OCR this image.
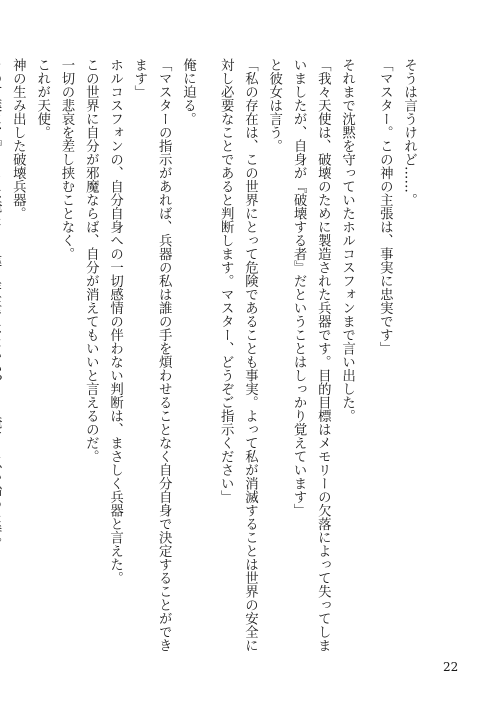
そうは言うけれど……。
「マスター。この神の主張は、事実に忠実です」
それまで沈黙を守っていたホルコスフォンまで言い出した。
「我々天使は、破壊のために製造された兵器です。目的目標はメモリーの欠落によって失ってしま
いましたが、自身が『破壊する者』だということはしっかり覚えています」
と彼女は言う。
「私の存在は、この世界にとって危険であることも事実。よって私が消滅することは世界の安全に
対し必要なことであると判断します。マスター、どうぞご指示ください」
俺に迫る。
「マスターの指示があれば、兵器の私は誰の手を煩わせることなく自分自身で決定することができ
ます」
ホルコスフォンの、自分自身への一切感情の伴わない判断は、まさしく兵器と言えた。
この世界に自分が邪魔ならば、自分が消えてもいいと言えるのだ。
一切の悲哀を差し挟むことなく。
これが天使。
神の生み出した破壊兵器。
22
